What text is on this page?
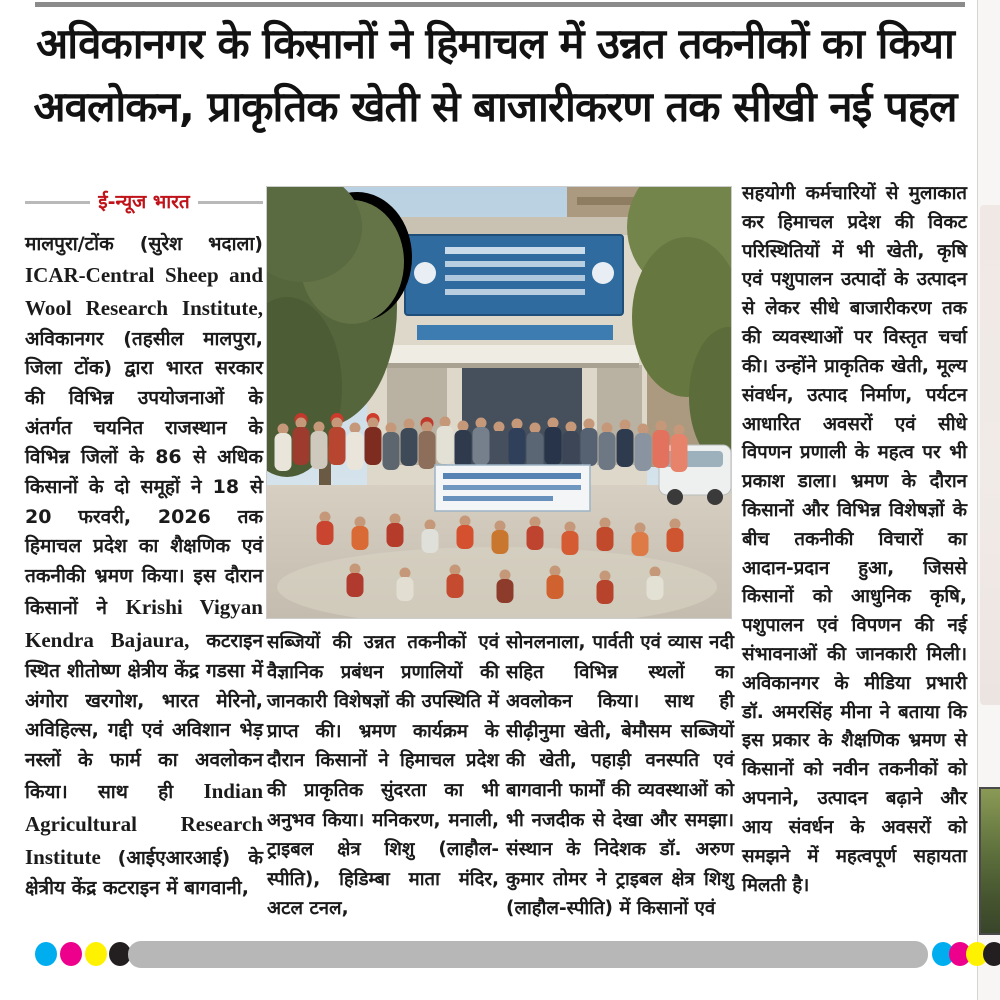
अविकानगर के किसानों ने हिमाचल में उन्नत तकनीकों का किया
अवलोकन, प्राकृतिक खेती से बाजारीकरण तक सीखी नई पहल
ई-न्यूज भारत
मालपुरा/टोंक (सुरेश भदाला) ICAR-Central Sheep and Wool Research Institute, अविकानगर (तहसील मालपुरा, जिला टोंक) द्वारा भारत सरकार की विभिन्न उपयोजनाओं के अंतर्गत चयनित राजस्थान के विभिन्न जिलों के 86 से अधिक किसानों के दो समूहों ने 18 से 20 फरवरी, 2026 तक हिमाचल प्रदेश का शैक्षणिक एवं तकनीकी भ्रमण किया। इस दौरान किसानों ने Krishi Vigyan Kendra Bajaura, कटराइन स्थित शीतोष्ण क्षेत्रीय केंद्र गडसा में अंगोरा खरगोश, भारत मेरिनो, अविहिल्स, गद्दी एवं अविशान भेड़ नस्लों के फार्म का अवलोकन किया। साथ ही Indian Agricultural Research Institute (आईएआरआई) के क्षेत्रीय केंद्र कटराइन में बागवानी,
सब्जियों की उन्नत तकनीकों एवं वैज्ञानिक प्रबंधन प्रणालियों की जानकारी विशेषज्ञों की उपस्थिति में प्राप्त की। भ्रमण कार्यक्रम के दौरान किसानों ने हिमाचल प्रदेश की प्राकृतिक सुंदरता का भी अनुभव किया। मनिकरण, मनाली, ट्राइबल क्षेत्र शिशु (लाहौल-स्पीति), हिडिम्बा माता मंदिर, अटल टनल,
सोनलनाला, पार्वती एवं व्यास नदी सहित विभिन्न स्थलों का अवलोकन किया। साथ ही सीढ़ीनुमा खेती, बेमौसम सब्जियों की खेती, पहाड़ी वनस्पति एवं बागवानी फार्मों की व्यवस्थाओं को भी नजदीक से देखा और समझा। संस्थान के निदेशक डॉ. अरुण कुमार तोमर ने ट्राइबल क्षेत्र शिशु (लाहौल-स्पीति) में किसानों एवं
सहयोगी कर्मचारियों से मुलाकात कर हिमाचल प्रदेश की विकट परिस्थितियों में भी खेती, कृषि एवं पशुपालन उत्पादों के उत्पादन से लेकर सीधे बाजारीकरण तक की व्यवस्थाओं पर विस्तृत चर्चा की। उन्होंने प्राकृतिक खेती, मूल्य संवर्धन, उत्पाद निर्माण, पर्यटन आधारित अवसरों एवं सीधे विपणन प्रणाली के महत्व पर भी प्रकाश डाला। भ्रमण के दौरान किसानों और विभिन्न विशेषज्ञों के बीच तकनीकी विचारों का आदान-प्रदान हुआ, जिससे किसानों को आधुनिक कृषि, पशुपालन एवं विपणन की नई संभावनाओं की जानकारी मिली। अविकानगर के मीडिया प्रभारी डॉ. अमरसिंह मीना ने बताया कि इस प्रकार के शैक्षणिक भ्रमण से किसानों को नवीन तकनीकों को अपनाने, उत्पादन बढ़ाने और आय संवर्धन के अवसरों को समझने में महत्वपूर्ण सहायता मिलती है।
